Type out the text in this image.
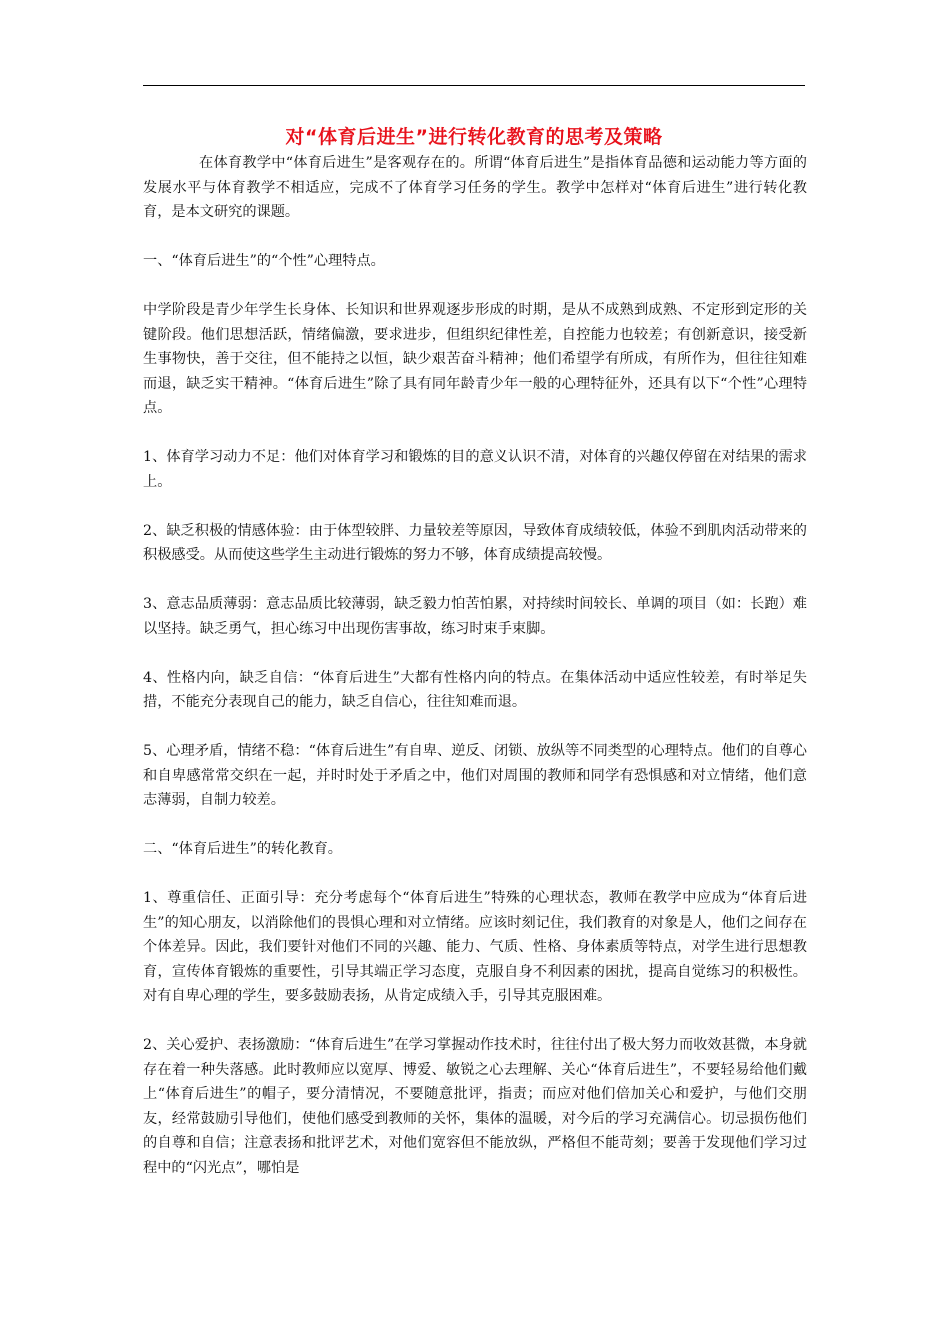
对“体育后进生”进行转化教育的思考及策略

在体育教学中“体育后进生”是客观存在的。所谓“体育后进生”是指体育品德和运动能力等方面的发展水平与体育教学不相适应，完成不了体育学习任务的学生。教学中怎样对“体育后进生”进行转化教育，是本文研究的课题。

一、“体育后进生”的“个性”心理特点。

中学阶段是青少年学生长身体、长知识和世界观逐步形成的时期，是从不成熟到成熟、不定形到定形的关键阶段。他们思想活跃，情绪偏激，要求进步，但组织纪律性差，自控能力也较差；有创新意识，接受新生事物快，善于交往，但不能持之以恒，缺少艰苦奋斗精神；他们希望学有所成，有所作为，但往往知难而退，缺乏实干精神。“体育后进生”除了具有同年龄青少年一般的心理特征外，还具有以下“个性”心理特点。

1、体育学习动力不足：他们对体育学习和锻炼的目的意义认识不清，对体育的兴趣仅停留在对结果的需求上。

2、缺乏积极的情感体验：由于体型较胖、力量较差等原因，导致体育成绩较低，体验不到肌肉活动带来的积极感受。从而使这些学生主动进行锻炼的努力不够，体育成绩提高较慢。

3、意志品质薄弱：意志品质比较薄弱，缺乏毅力怕苦怕累，对持续时间较长、单调的项目（如：长跑）难以坚持。缺乏勇气，担心练习中出现伤害事故，练习时束手束脚。

4、性格内向，缺乏自信：“体育后进生”大都有性格内向的特点。在集体活动中适应性较差，有时举足失措，不能充分表现自己的能力，缺乏自信心，往往知难而退。

5、心理矛盾，情绪不稳：“体育后进生”有自卑、逆反、闭锁、放纵等不同类型的心理特点。他们的自尊心和自卑感常常交织在一起，并时时处于矛盾之中，他们对周围的教师和同学有恐惧感和对立情绪，他们意志薄弱，自制力较差。

二、“体育后进生”的转化教育。

1、尊重信任、正面引导：充分考虑每个“体育后进生”特殊的心理状态，教师在教学中应成为“体育后进生”的知心朋友，以消除他们的畏惧心理和对立情绪。应该时刻记住，我们教育的对象是人，他们之间存在个体差异。因此，我们要针对他们不同的兴趣、能力、气质、性格、身体素质等特点，对学生进行思想教育，宣传体育锻炼的重要性，引导其端正学习态度，克服自身不利因素的困扰，提高自觉练习的积极性。对有自卑心理的学生，要多鼓励表扬，从肯定成绩入手，引导其克服困难。

2、关心爱护、表扬激励：“体育后进生”在学习掌握动作技术时，往往付出了极大努力而收效甚微，本身就存在着一种失落感。此时教师应以宽厚、博爱、敏锐之心去理解、关心“体育后进生”，不要轻易给他们戴上“体育后进生”的帽子，要分清情况，不要随意批评，指责；而应对他们倍加关心和爱护，与他们交朋友，经常鼓励引导他们，使他们感受到教师的关怀，集体的温暖，对今后的学习充满信心。切忌损伤他们的自尊和自信；注意表扬和批评艺术，对他们宽容但不能放纵，严格但不能苛刻；要善于发现他们学习过程中的“闪光点”，哪怕是
